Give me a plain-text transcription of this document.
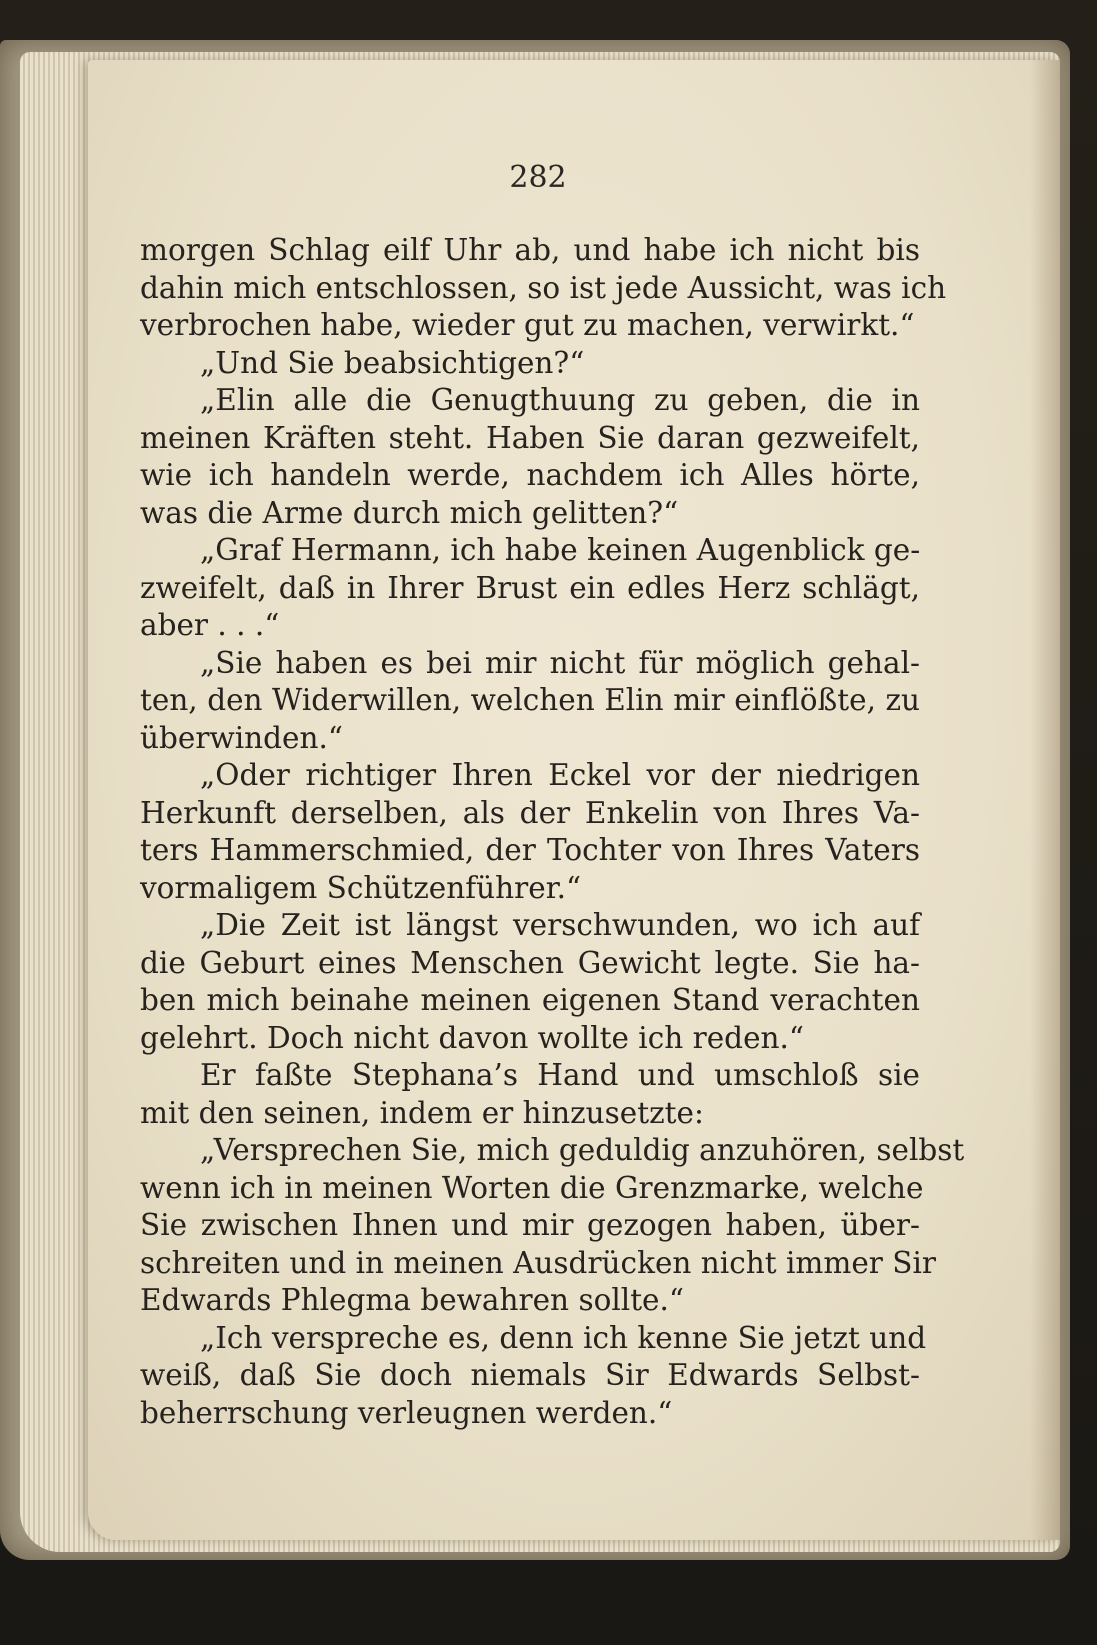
282
morgen Schlag eilf Uhr ab, und habe ich nicht bis
dahin mich entschlossen, so ist jede Aussicht, was ich
verbrochen habe, wieder gut zu machen, verwirkt.“
„Und Sie beabsichtigen?“
„Elin alle die Genugthuung zu geben, die in
meinen Kräften steht. Haben Sie daran gezweifelt,
wie ich handeln werde, nachdem ich Alles hörte,
was die Arme durch mich gelitten?“
„Graf Hermann, ich habe keinen Augenblick ge-
zweifelt, daß in Ihrer Brust ein edles Herz schlägt,
aber . . .“
„Sie haben es bei mir nicht für möglich gehal-
ten, den Widerwillen, welchen Elin mir einflößte, zu
überwinden.“
„Oder richtiger Ihren Eckel vor der niedrigen
Herkunft derselben, als der Enkelin von Ihres Va-
ters Hammerschmied, der Tochter von Ihres Vaters
vormaligem Schützenführer.“
„Die Zeit ist längst verschwunden, wo ich auf
die Geburt eines Menschen Gewicht legte. Sie ha-
ben mich beinahe meinen eigenen Stand verachten
gelehrt. Doch nicht davon wollte ich reden.“
Er faßte Stephana’s Hand und umschloß sie
mit den seinen, indem er hinzusetzte:
„Versprechen Sie, mich geduldig anzuhören, selbst
wenn ich in meinen Worten die Grenzmarke, welche
Sie zwischen Ihnen und mir gezogen haben, über-
schreiten und in meinen Ausdrücken nicht immer Sir
Edwards Phlegma bewahren sollte.“
„Ich verspreche es, denn ich kenne Sie jetzt und
weiß, daß Sie doch niemals Sir Edwards Selbst-
beherrschung verleugnen werden.“
